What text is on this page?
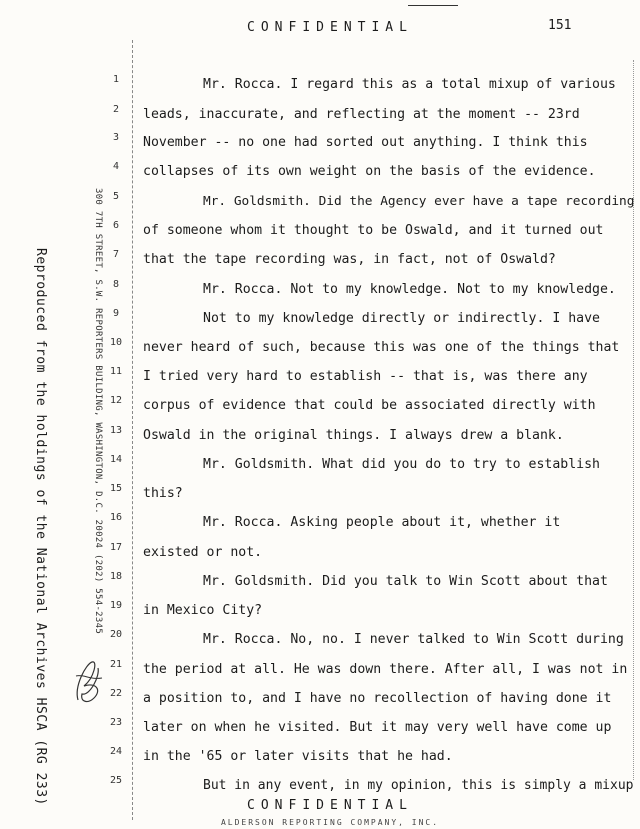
CONFIDENTIAL	151
Reproduced from the holdings of the National Archives HSCA (RG 233)	300 7TH STREET, S.W. REPORTERS BUILDING, WASHINGTON, D.C. 20024 (202) 554-2345
1
2
3
4
5
6
7
8
9
10
11
12
13
14
15
16
17
18
19
20
21
22
23
24
25
Mr. Rocca. I regard this as a total mixup of various
leads, inaccurate, and reflecting at the moment -- 23rd
November -- no one had sorted out anything. I think this
collapses of its own weight on the basis of the evidence.
Mr. Goldsmith. Did the Agency ever have a tape recording
of someone whom it thought to be Oswald, and it turned out
that the tape recording was, in fact, not of Oswald?
Mr. Rocca. Not to my knowledge. Not to my knowledge.
Not to my knowledge directly or indirectly. I have
never heard of such, because this was one of the things that
I tried very hard to establish -- that is, was there any
corpus of evidence that could be associated directly with
Oswald in the original things. I always drew a blank.
Mr. Goldsmith. What did you do to try to establish
this?
Mr. Rocca. Asking people about it, whether it
existed or not.
Mr. Goldsmith. Did you talk to Win Scott about that
in Mexico City?
Mr. Rocca. No, no. I never talked to Win Scott during
the period at all. He was down there. After all, I was not in
a position to, and I have no recollection of having done it
later on when he visited. But it may very well have come up
in the '65 or later visits that he had.
But in any event, in my opinion, this is simply a mixup
CONFIDENTIAL
ALDERSON REPORTING COMPANY, INC.
